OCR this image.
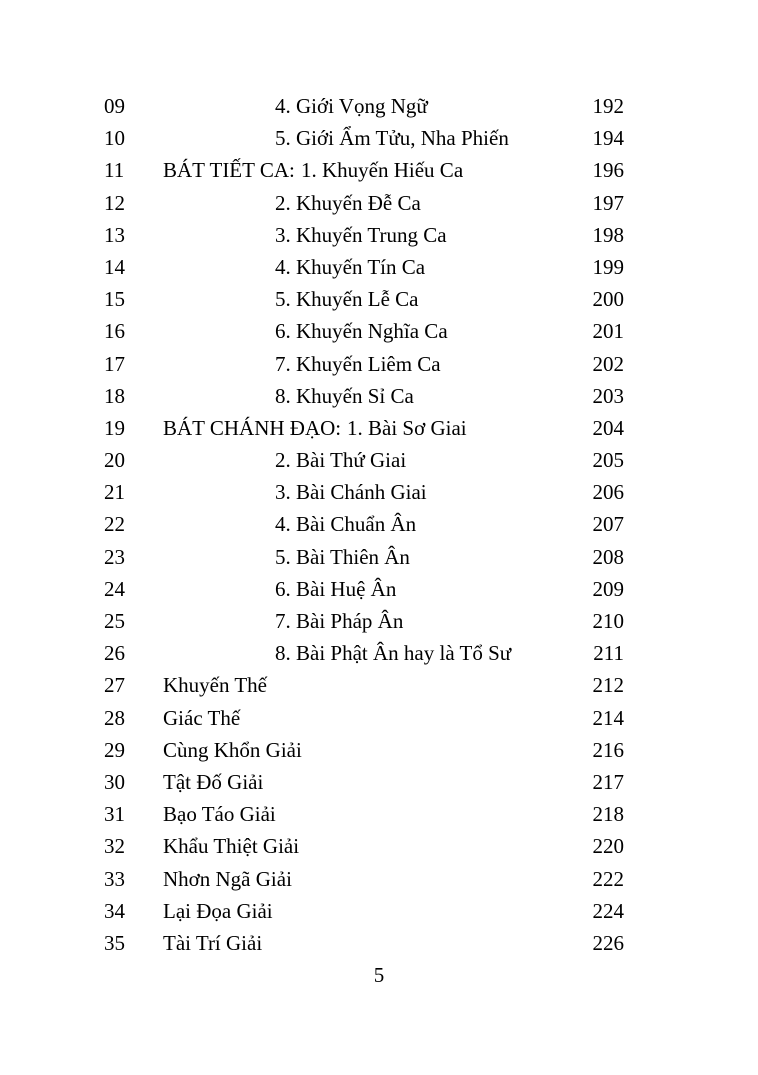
09	4. Giới Vọng Ngữ	192
10	5. Giới Ẩm Tửu, Nha Phiến	194
11 BÁT TIẾT CA: 1. Khuyến Hiếu Ca	196
12	2. Khuyến Đễ Ca	197
13	3. Khuyến Trung Ca	198
14	4. Khuyến Tín Ca	199
15	5. Khuyến Lễ Ca	200
16	6. Khuyến Nghĩa Ca	201
17	7. Khuyến Liêm Ca	202
18	8. Khuyến Sỉ Ca	203
19 BÁT CHÁNH ĐẠO: 1. Bài Sơ Giai	204
20	2. Bài Thứ Giai	205
21	3. Bài Chánh Giai	206
22	4. Bài Chuẩn Ân	207
23	5. Bài Thiên Ân	208
24	6. Bài Huệ Ân	209
25	7. Bài Pháp Ân	210
26	8. Bài Phật Ân hay là Tổ Sư	211
27 Khuyến Thế	212
28 Giác Thế	214
29 Cùng Khổn Giải	216
30 Tật Đố Giải	217
31 Bạo Táo Giải	218
32 Khẩu Thiệt Giải	220
33 Nhơn Ngã Giải	222
34 Lại Đọa Giải	224
35 Tài Trí Giải	226
5
